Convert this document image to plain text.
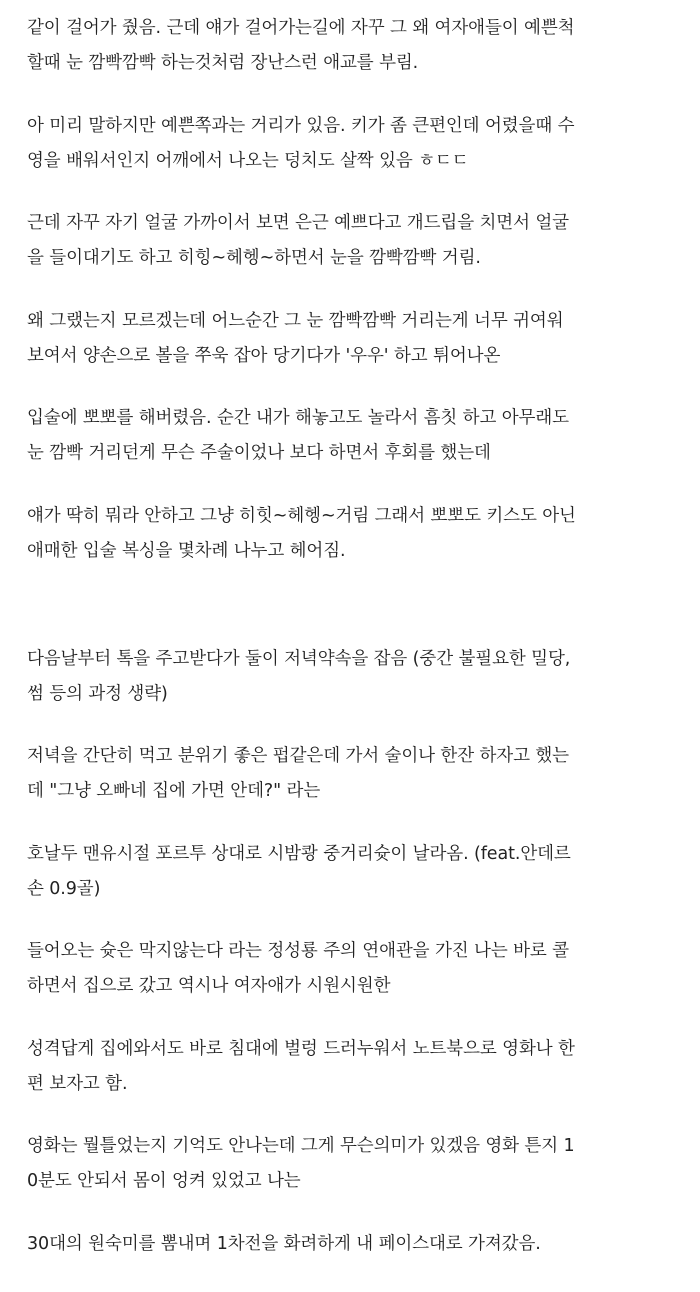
같이 걸어가 줬음. 근데 얘가 걸어가는길에 자꾸 그 왜 여자애들이 예쁜척
할때 눈 깜빡깜빡 하는것처럼 장난스런 애교를 부림.
아 미리 말하지만 예쁜쪽과는 거리가 있음. 키가 좀 큰편인데 어렸을때 수
영을 배워서인지 어깨에서 나오는 덩치도 살짝 있음 ㅎㄷㄷ
근데 자꾸 자기 얼굴 가까이서 보면 은근 예쁘다고 개드립을 치면서 얼굴
을 들이대기도 하고 히힝~헤헹~하면서 눈을 깜빡깜빡 거림.
왜 그랬는지 모르겠는데 어느순간 그 눈 깜빡깜빡 거리는게 너무 귀여워
보여서 양손으로 볼을 쭈욱 잡아 당기다가 '우우' 하고 튀어나온
입술에 뽀뽀를 해버렸음. 순간 내가 해놓고도 놀라서 흠칫 하고 아무래도
눈 깜빡 거리던게 무슨 주술이었나 보다 하면서 후회를 했는데
얘가 딱히 뭐라 안하고 그냥 히힛~헤헹~거림 그래서 뽀뽀도 키스도 아닌
애매한 입술 복싱을 몇차례 나누고 헤어짐.
다음날부터 톡을 주고받다가 둘이 저녁약속을 잡음 (중간 불필요한 밀당,
썸 등의 과정 생략)
저녁을 간단히 먹고 분위기 좋은 펍같은데 가서 술이나 한잔 하자고 했는
데 "그냥 오빠네 집에 가면 안데?" 라는
호날두 맨유시절 포르투 상대로 시밤쾅 중거리슛이 날라옴. (feat.안데르
손 0.9골)
들어오는 슛은 막지않는다 라는 정성룡 주의 연애관을 가진 나는 바로 콜
하면서 집으로 갔고 역시나 여자애가 시원시원한
성격답게 집에와서도 바로 침대에 벌렁 드러누워서 노트북으로 영화나 한
편 보자고 함.
영화는 뭘틀었는지 기억도 안나는데 그게 무슨의미가 있겠음 영화 튼지 1
0분도 안되서 몸이 엉켜 있었고 나는
30대의 원숙미를 뽐내며 1차전을 화려하게 내 페이스대로 가져갔음.
